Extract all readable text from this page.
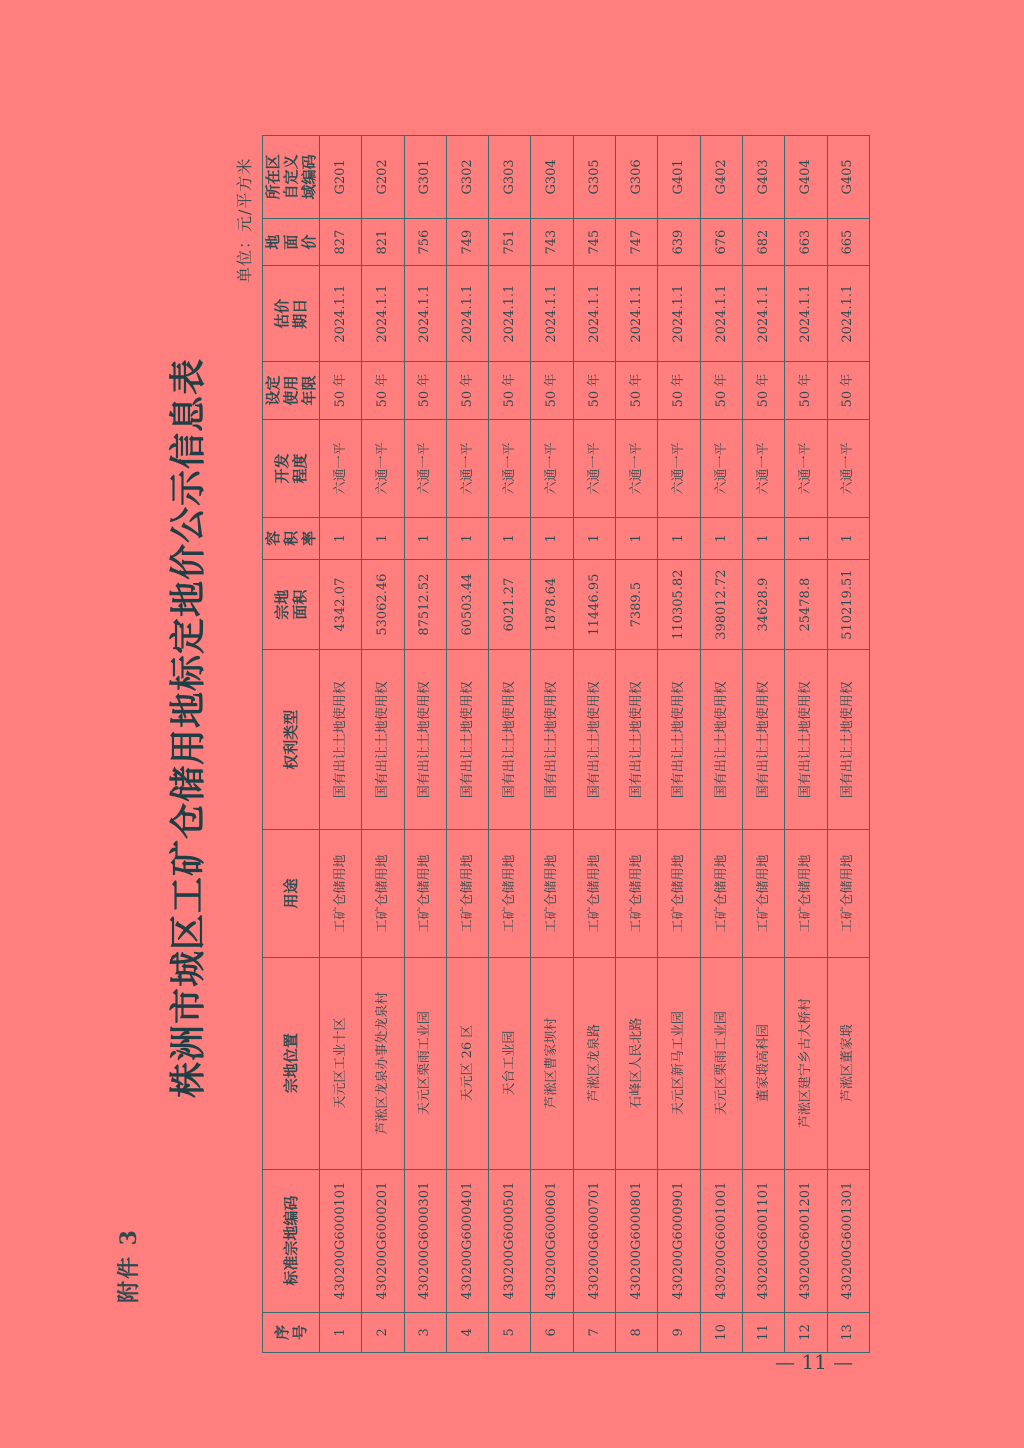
附件 3
株洲市城区工矿仓储用地标定地价公示信息表
单位：元/平方米
序号	标准宗地编码	宗地位置	用途	权利类型	宗地面积	容积率	开发程度	设定使用年限	估价期日	地面价	所在区自定义域编码
1	430200G6000101	天元区工业十区	工矿仓储用地	国有出让土地使用权	4342.07	1	六通一平	50 年	2024.1.1	827	G201
2	430200G6000201	芦淞区龙泉办事处龙泉村	工矿仓储用地	国有出让土地使用权	53062.46	1	六通一平	50 年	2024.1.1	821	G202
3	430200G6000301	天元区栗雨工业园	工矿仓储用地	国有出让土地使用权	87512.52	1	六通一平	50 年	2024.1.1	756	G301
4	430200G6000401	天元区 26 区	工矿仓储用地	国有出让土地使用权	60503.44	1	六通一平	50 年	2024.1.1	749	G302
5	430200G6000501	天台工业园	工矿仓储用地	国有出让土地使用权	6021.27	1	六通一平	50 年	2024.1.1	751	G303
6	430200G6000601	芦淞区曹家坝村	工矿仓储用地	国有出让土地使用权	1878.64	1	六通一平	50 年	2024.1.1	743	G304
7	430200G6000701	芦淞区龙泉路	工矿仓储用地	国有出让土地使用权	11446.95	1	六通一平	50 年	2024.1.1	745	G305
8	430200G6000801	石峰区人民北路	工矿仓储用地	国有出让土地使用权	7389.5	1	六通一平	50 年	2024.1.1	747	G306
9	430200G6000901	天元区新马工业园	工矿仓储用地	国有出让土地使用权	110305.82	1	六通一平	50 年	2024.1.1	639	G401
10	430200G6001001	天元区栗雨工业园	工矿仓储用地	国有出让土地使用权	398012.72	1	六通一平	50 年	2024.1.1	676	G402
11	430200G6001101	董家塅高科园	工矿仓储用地	国有出让土地使用权	34628.9	1	六通一平	50 年	2024.1.1	682	G403
12	430200G6001201	芦淞区建宁乡古大桥村	工矿仓储用地	国有出让土地使用权	25478.8	1	六通一平	50 年	2024.1.1	663	G404
13	430200G6001301	芦淞区董家塅	工矿仓储用地	国有出让土地使用权	510219.51	1	六通一平	50 年	2024.1.1	665	G405
— 11 —
